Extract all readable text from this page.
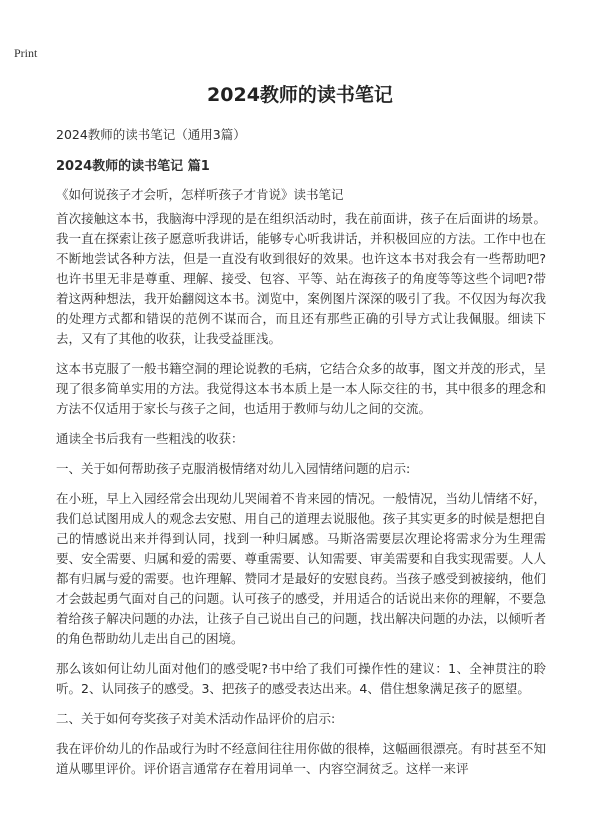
Print
2024教师的读书笔记

2024教师的读书笔记（通用3篇）

2024教师的读书笔记 篇1

《如何说孩子才会听，怎样听孩子才肯说》读书笔记

首次接触这本书，我脑海中浮现的是在组织活动时，我在前面讲，孩子在后面讲的场景。我一直在探索让孩子愿意听我讲话，能够专心听我讲话，并积极回应的方法。工作中也在不断地尝试各种方法，但是一直没有收到很好的效果。也许这本书对我会有一些帮助吧?也许书里无非是尊重、理解、接受、包容、平等、站在海孩子的角度等等这些个词吧?带着这两种想法，我开始翻阅这本书。浏览中，案例图片深深的吸引了我。不仅因为每次我的处理方式都和错误的范例不谋而合，而且还有那些正确的引导方式让我佩服。细读下去，又有了其他的收获，让我受益匪浅。

这本书克服了一般书籍空洞的理论说教的毛病，它结合众多的故事，图文并茂的形式，呈现了很多简单实用的方法。我觉得这本书本质上是一本人际交往的书，其中很多的理念和方法不仅适用于家长与孩子之间，也适用于教师与幼儿之间的交流。

通读全书后我有一些粗浅的收获：

一、关于如何帮助孩子克服消极情绪对幼儿入园情绪问题的启示:

在小班，早上入园经常会出现幼儿哭闹着不肯来园的情况。一般情况，当幼儿情绪不好，我们总试图用成人的观念去安慰、用自己的道理去说服他。孩子其实更多的时候是想把自己的情感说出来并得到认同，找到一种归属感。马斯洛需要层次理论将需求分为生理需要、安全需要、归属和爱的需要、尊重需要、认知需要、审美需要和自我实现需要。人人都有归属与爱的需要。也许理解、赞同才是最好的安慰良药。当孩子感受到被接纳，他们才会鼓起勇气面对自己的问题。认可孩子的感受，并用适合的话说出来你的理解，不要急着给孩子解决问题的办法，让孩子自己说出自己的问题，找出解决问题的办法，以倾听者的角色帮助幼儿走出自己的困境。

那么该如何让幼儿面对他们的感受呢?书中给了我们可操作性的建议：1、全神贯注的聆听。2、认同孩子的感受。3、把孩子的感受表达出来。4、借住想象满足孩子的愿望。

二、关于如何夸奖孩子对美术活动作品评价的启示:

我在评价幼儿的作品或行为时不经意间往往用你做的很棒，这幅画很漂亮。有时甚至不知道从哪里评价。评价语言通常存在着用词单一、内容空洞贫乏。这样一来评
